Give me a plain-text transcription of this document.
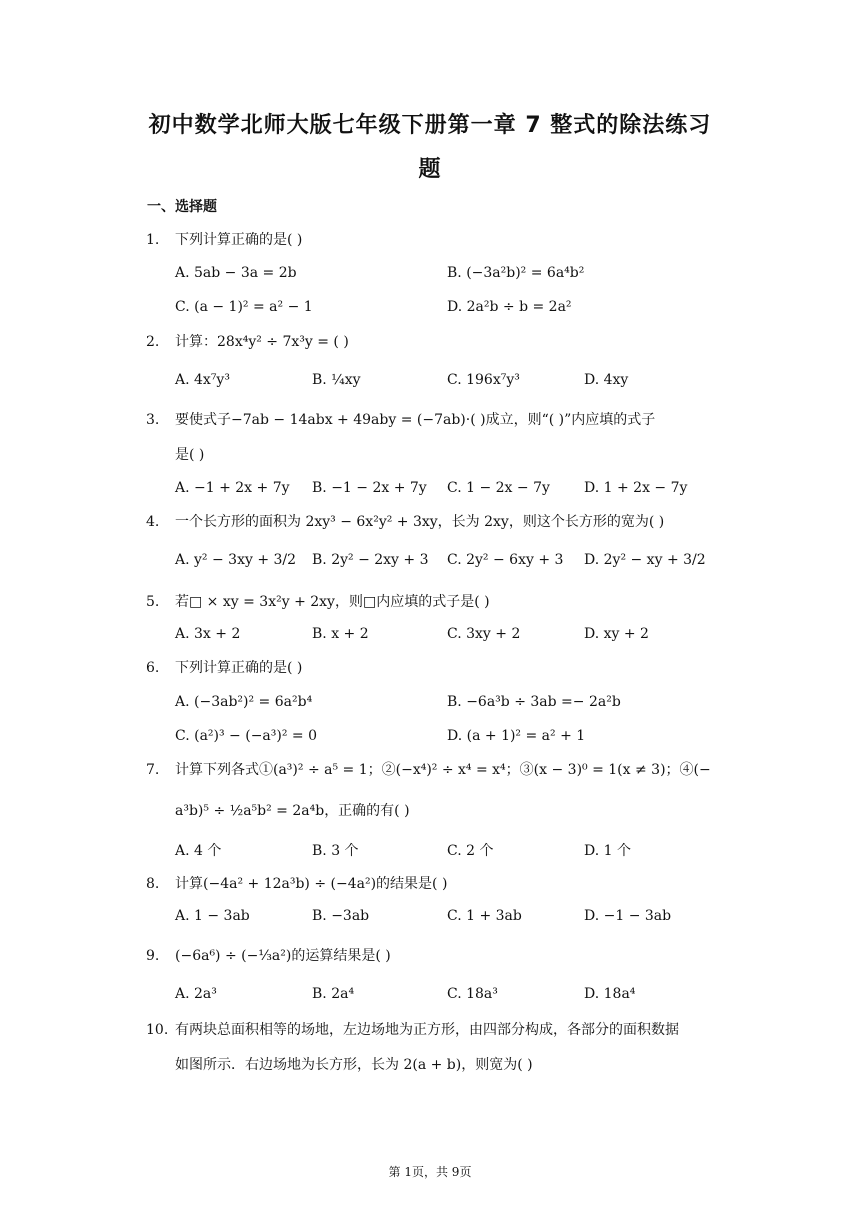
初中数学北师大版七年级下册第一章 7 整式的除法练习
题
一、选择题
1. 下列计算正确的是( )
A. 5ab − 3a = 2b	B. (−3a²b)² = 6a⁴b²
C. (a − 1)² = a² − 1	D. 2a²b ÷ b = 2a²
2. 计算：28x⁴y² ÷ 7x³y = ( )
A. 4x⁷y³	B. ¼xy	C. 196x⁷y³	D. 4xy
3. 要使式子−7ab − 14abx + 49aby = (−7ab)·( )成立，则“( )”内应填的式子
是( )
A. −1 + 2x + 7y B. −1 − 2x + 7y C. 1 − 2x − 7y D. 1 + 2x − 7y
4. 一个长方形的面积为 2xy³ − 6x²y² + 3xy，长为 2xy，则这个长方形的宽为( )
A. y² − 3xy + 3/2 B. 2y² − 2xy + 3 C. 2y² − 6xy + 3 D. 2y² − xy + 3/2
5. 若□ × xy = 3x²y + 2xy，则□内应填的式子是( )
A. 3x + 2	B. x + 2	C. 3xy + 2	D. xy + 2
6. 下列计算正确的是( )
A. (−3ab²)² = 6a²b⁴	B. −6a³b ÷ 3ab =− 2a²b
C. (a²)³ − (−a³)² = 0	D. (a + 1)² = a² + 1
7. 计算下列各式①(a³)² ÷ a⁵ = 1；②(−x⁴)² ÷ x⁴ = x⁴；③(x − 3)⁰ = 1(x ≠ 3)；④(−
a³b)⁵ ÷ ½a⁵b² = 2a⁴b，正确的有( )
A. 4 个	B. 3 个	C. 2 个	D. 1 个
8. 计算(−4a² + 12a³b) ÷ (−4a²)的结果是( )
A. 1 − 3ab	B. −3ab	C. 1 + 3ab	D. −1 − 3ab
9. (−6a⁶) ÷ (−⅓a²)的运算结果是( )
A. 2a³	B. 2a⁴	C. 18a³	D. 18a⁴
10. 有两块总面积相等的场地，左边场地为正方形，由四部分构成，各部分的面积数据
如图所示．右边场地为长方形，长为 2(a + b)，则宽为( )
第 1页，共 9页
